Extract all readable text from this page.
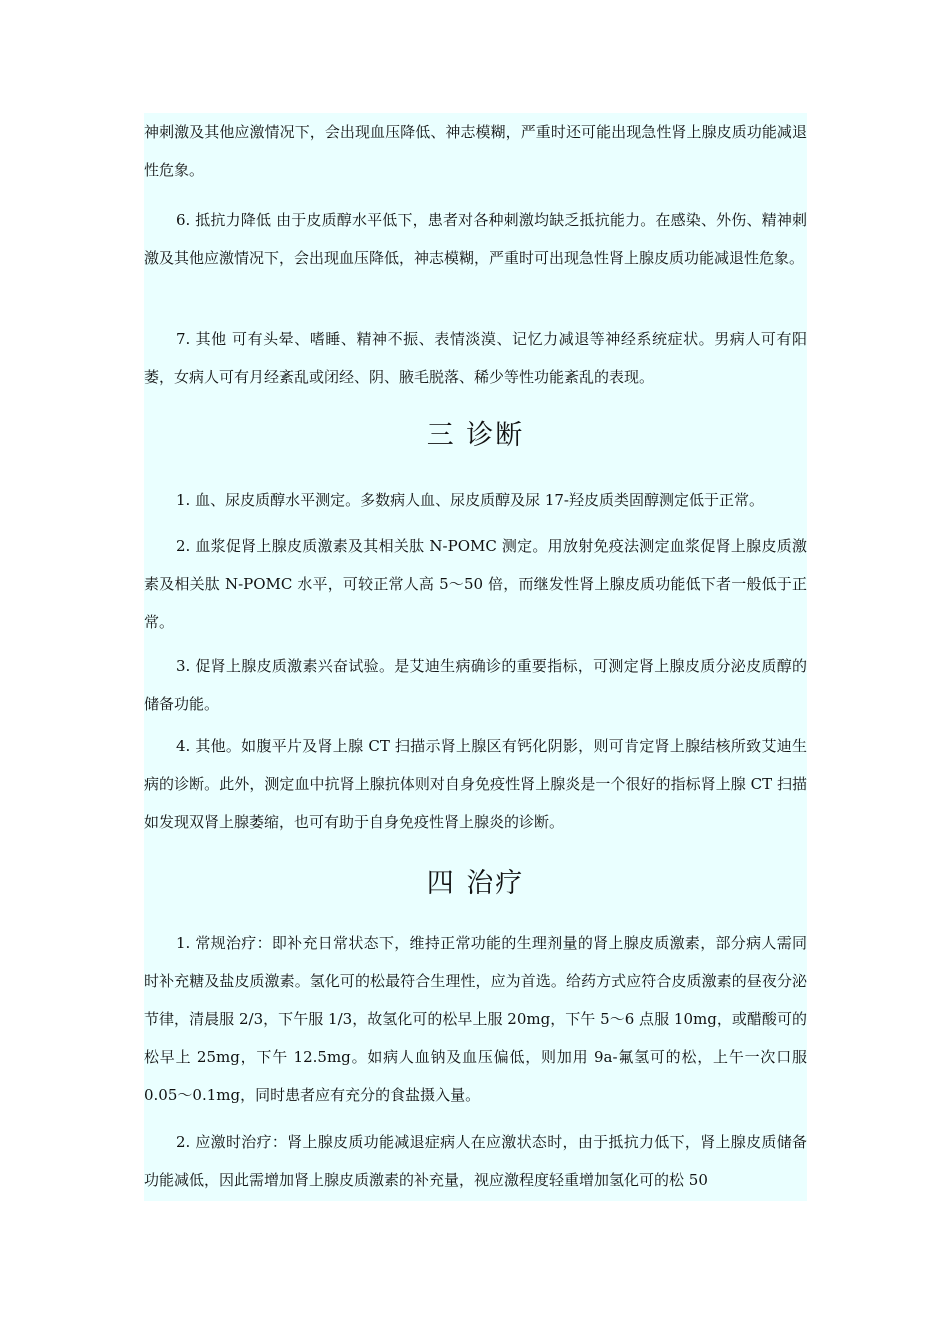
神刺激及其他应激情况下，会出现血压降低、神志模糊，严重时还可能出现急性肾上腺皮质功能减退性危象。

6. 抵抗力降低 由于皮质醇水平低下，患者对各种刺激均缺乏抵抗能力。在感染、外伤、精神刺激及其他应激情况下，会出现血压降低，神志模糊，严重时可出现急性肾上腺皮质功能减退性危象。

7. 其他 可有头晕、嗜睡、精神不振、表情淡漠、记忆力减退等神经系统症状。男病人可有阳萎，女病人可有月经紊乱或闭经、阴、腋毛脱落、稀少等性功能紊乱的表现。

三 诊断

1. 血、尿皮质醇水平测定。多数病人血、尿皮质醇及尿 17-羟皮质类固醇测定低于正常。

2. 血浆促肾上腺皮质激素及其相关肽 N-POMC 测定。用放射免疫法测定血浆促肾上腺皮质激素及相关肽 N-POMC 水平，可较正常人高 5～50 倍，而继发性肾上腺皮质功能低下者一般低于正常。

3. 促肾上腺皮质激素兴奋试验。是艾迪生病确诊的重要指标，可测定肾上腺皮质分泌皮质醇的储备功能。

4. 其他。如腹平片及肾上腺 CT 扫描示肾上腺区有钙化阴影，则可肯定肾上腺结核所致艾迪生病的诊断。此外，测定血中抗肾上腺抗体则对自身免疫性肾上腺炎是一个很好的指标肾上腺 CT 扫描如发现双肾上腺萎缩，也可有助于自身免疫性肾上腺炎的诊断。

四 治疗

1. 常规治疗：即补充日常状态下，维持正常功能的生理剂量的肾上腺皮质激素，部分病人需同时补充糖及盐皮质激素。氢化可的松最符合生理性，应为首选。给药方式应符合皮质激素的昼夜分泌节律，清晨服 2/3，下午服 1/3，故氢化可的松早上服 20mg，下午 5～6 点服 10mg，或醋酸可的松早上 25mg，下午 12.5mg。如病人血钠及血压偏低，则加用 9a-氟氢可的松，上午一次口服 0.05～0.1mg，同时患者应有充分的食盐摄入量。

2. 应激时治疗：肾上腺皮质功能减退症病人在应激状态时，由于抵抗力低下，肾上腺皮质储备功能减低，因此需增加肾上腺皮质激素的补充量，视应激程度轻重增加氢化可的松 50
